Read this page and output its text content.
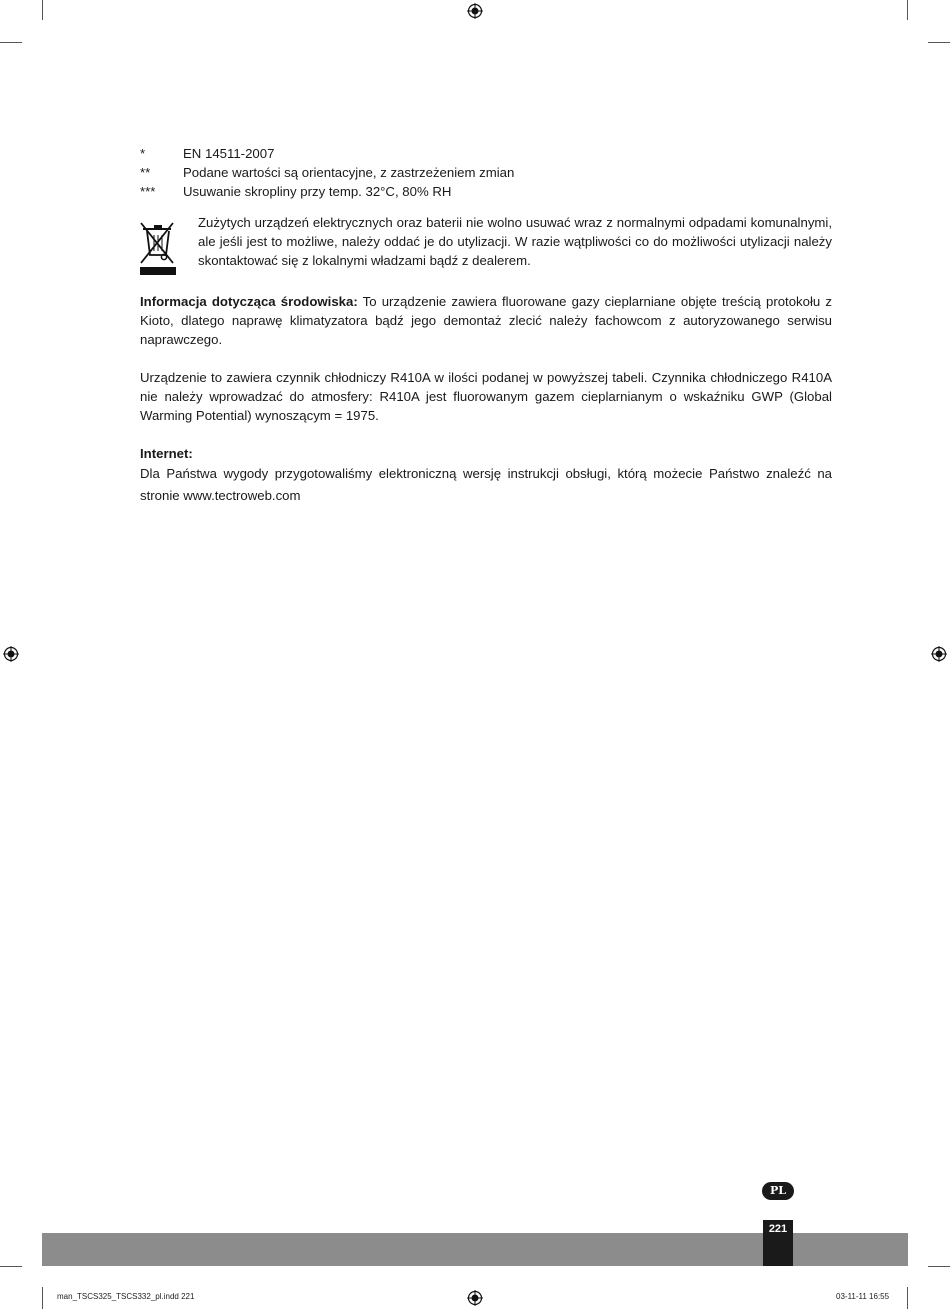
*	EN 14511-2007
**	Podane wartości są orientacyjne, z zastrzeżeniem zmian
***	Usuwanie skropliny przy temp. 32°C, 80% RH
Zużytych urządzeń elektrycznych oraz baterii nie wolno usuwać wraz z normalnymi odpadami komunalnymi, ale jeśli jest to możliwe, należy oddać je do utylizacji. W razie wątpliwości co do możliwości utylizacji należy skontaktować się z lokalnymi władzami bądź z dealerem.
Informacja dotycząca środowiska: To urządzenie zawiera fluorowane gazy cieplarniane objęte treścią protokołu z Kioto, dlatego naprawę klimatyzatora bądź jego demontaż zlecić należy fachowcom z autoryzowanego serwisu naprawczego.
Urządzenie to zawiera czynnik chłodniczy R410A w ilości podanej w powyższej tabeli. Czynnika chłodniczego R410A nie należy wprowadzać do atmosfery: R410A jest fluorowanym gazem cieplarnianym o wskaźniku GWP (Global Warming Potential) wynoszącym = 1975.
Internet:
Dla Państwa wygody przygotowaliśmy elektroniczną wersję instrukcji obsługi, którą możecie Państwo znaleźć na stronie www.tectroweb.com
PL
221
man_TSCS325_TSCS332_pl.indd 221	03-11-11 16:55
